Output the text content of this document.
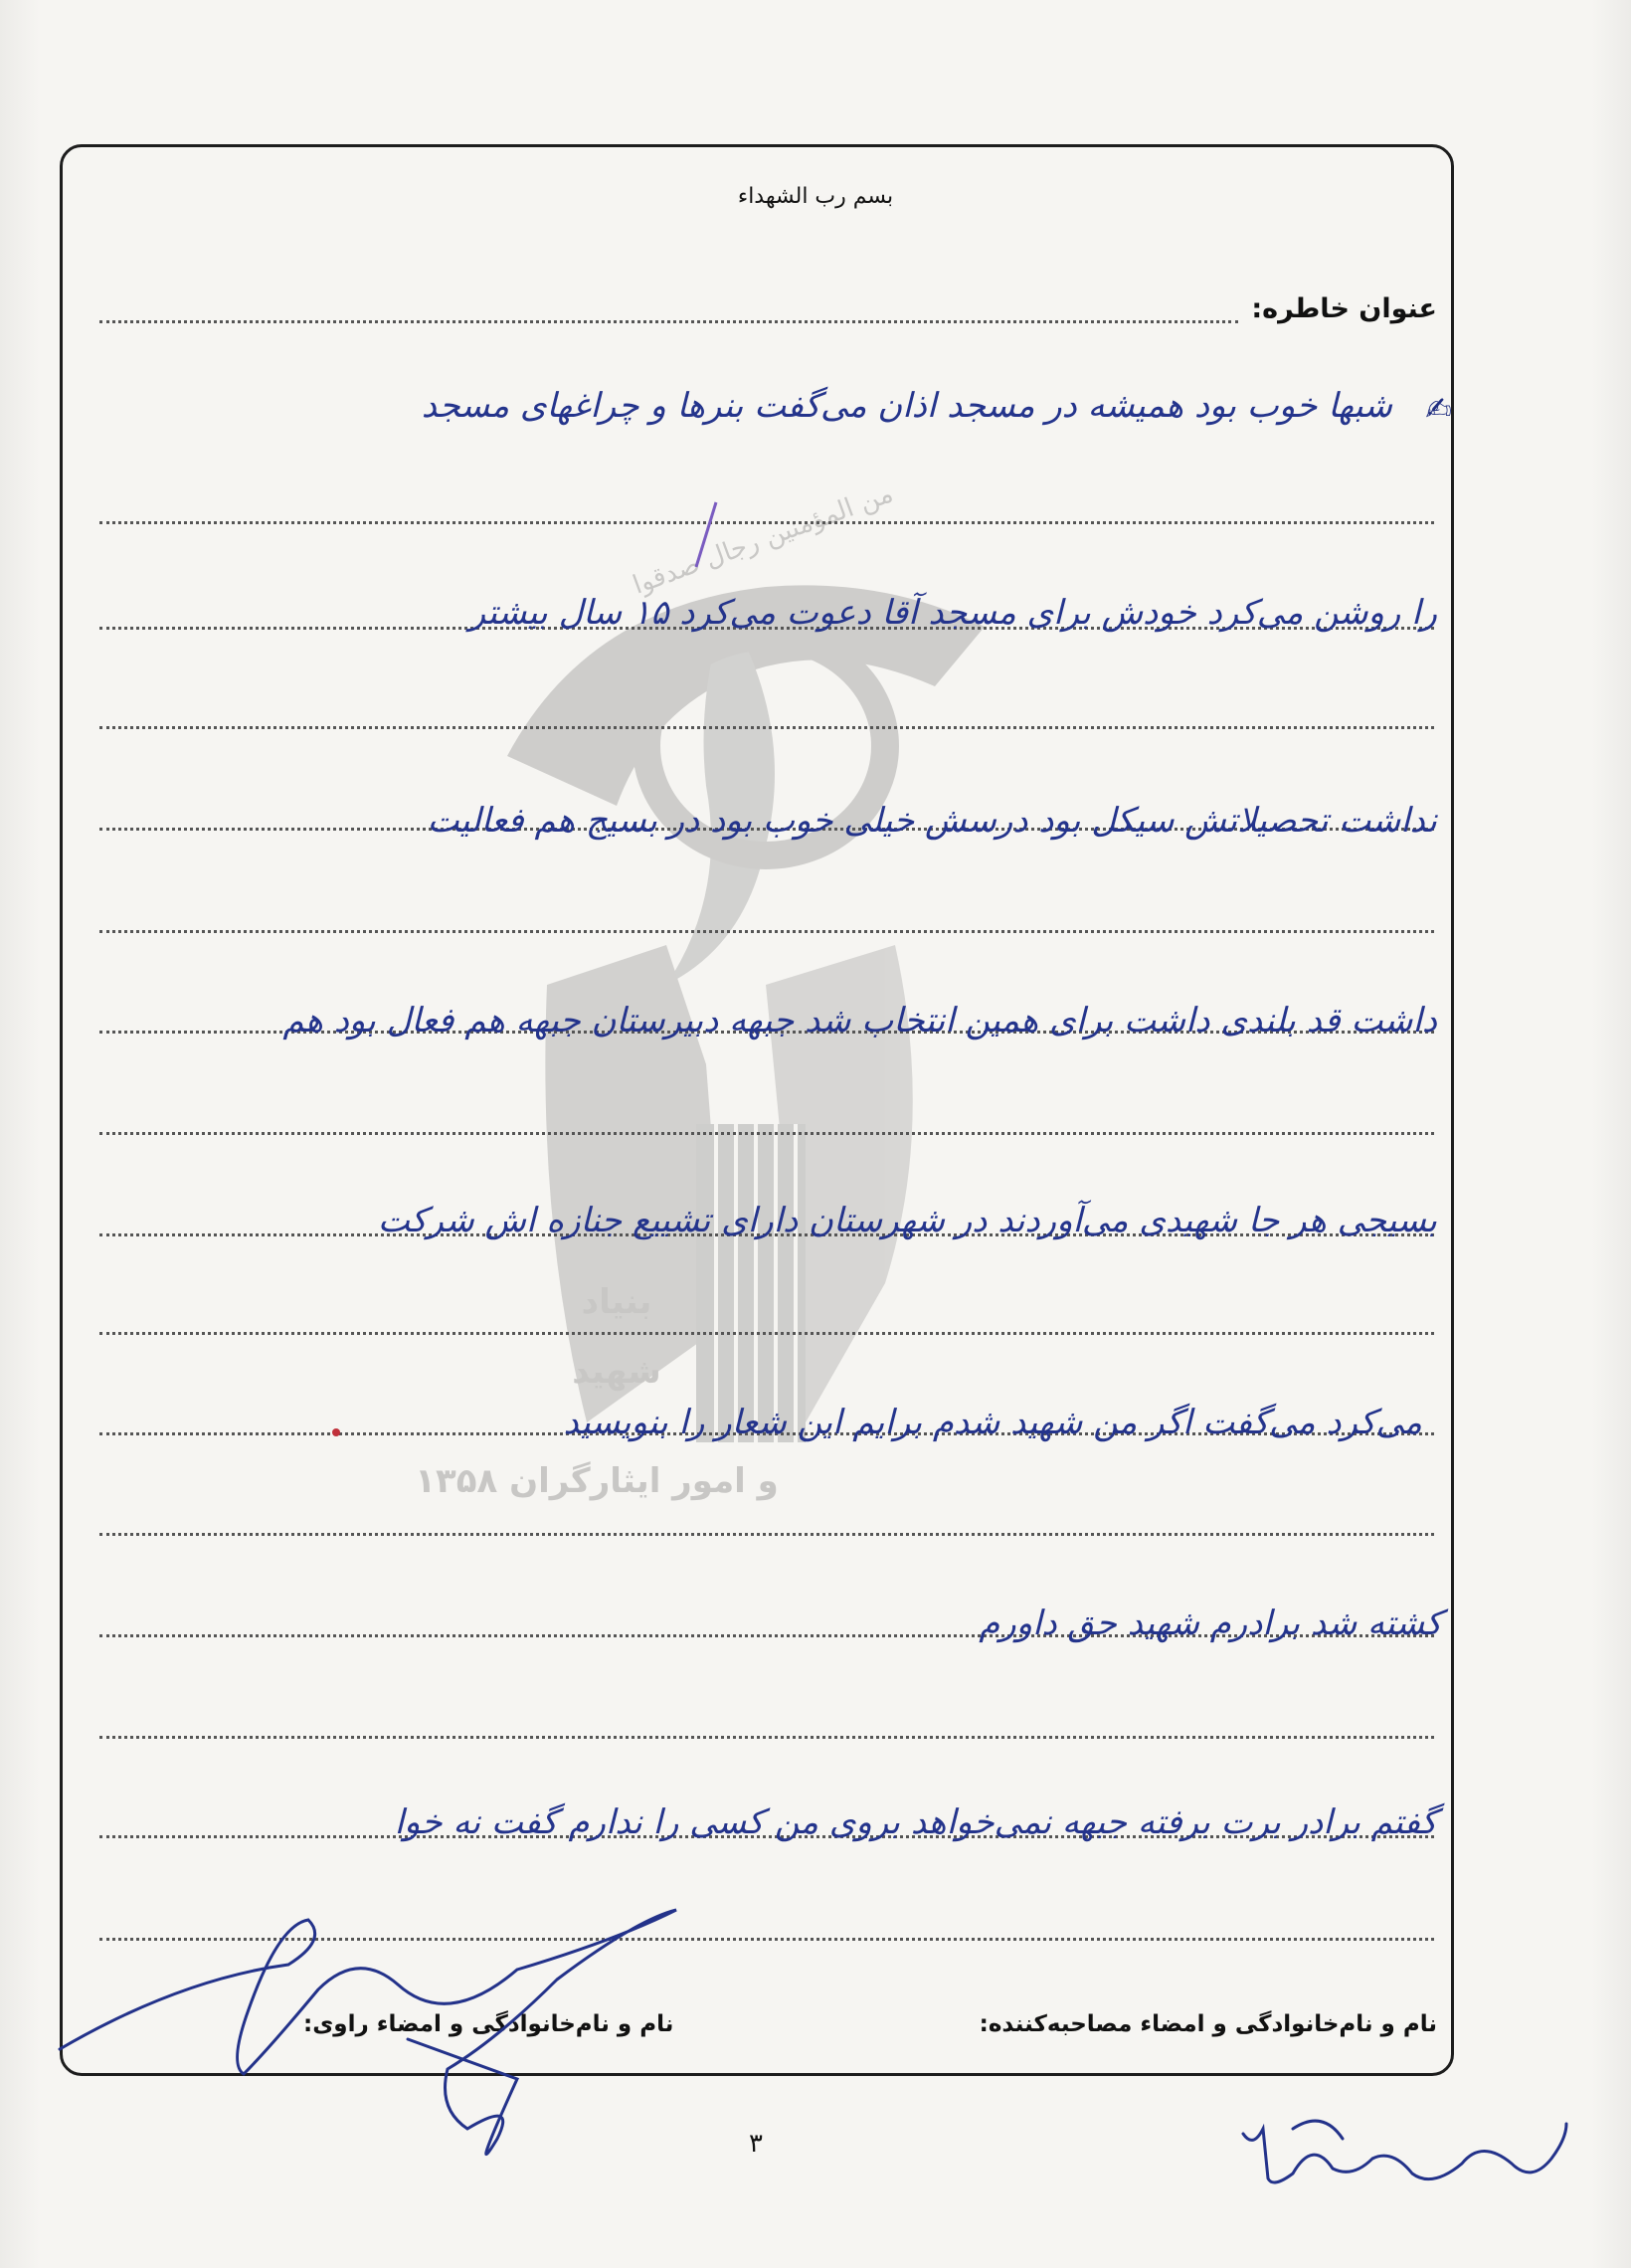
من المؤمنین رجال صدقوا
بنیاد
شهید
۱۳۵۸ و امور ایثارگران
بسم رب الشهداء
عنوان خاطره:
✍
شبها خوب بود همیشه در مسجد اذان می‌گفت بنرها و چراغهای مسجد
را روشن می‌کرد خودش برای مسجد آقا دعوت می‌کرد ۱۵ سال بیشتر
نداشت تحصیلاتش سیکل بود درسش خیلی خوب بود در بسیج هم فعالیت
داشت قد بلندی داشت برای همین انتخاب شد جبهه دبیرستان جبهه هم فعال بود هم
بسیجی هر جا شهیدی می‌آوردند در شهرستان دارای تشییع جنازه اش شرکت
می‌کرد می‌گفت اگر من شهید شدم برایم این شعار را بنویسید
کشته شد برادرم شهید حق داورم
گفتم برادر برت برفته جبهه نمی‌خواهد بروی من کسی را ندارم گفت نه خوا
نام و نام‌خانوادگی و امضاء مصاحبه‌کننده:
نام و نام‌خانوادگی و امضاء راوی:
۳
